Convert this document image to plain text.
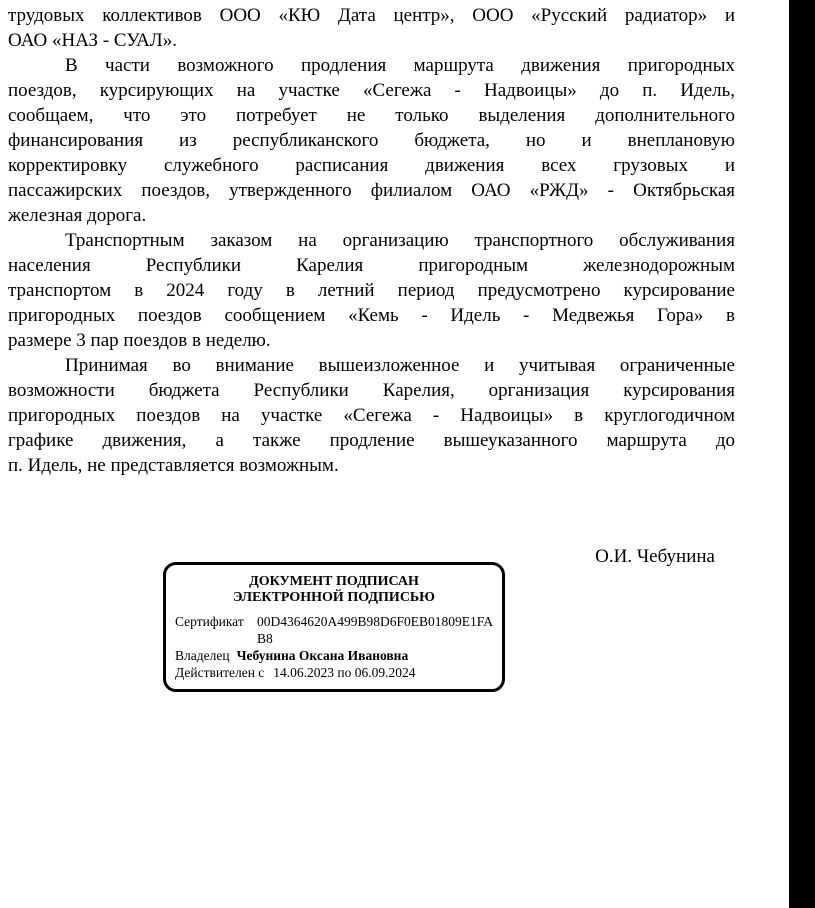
трудовых коллективов ООО «КЮ Дата центр», ООО «Русский радиатор» и
ОАО «НАЗ - СУАЛ».
В части возможного продления маршрута движения пригородных
поездов, курсирующих на участке «Сегежа - Надвоицы» до п. Идель,
сообщаем, что это потребует не только выделения дополнительного
финансирования из республиканского бюджета, но и внеплановую
корректировку служебного расписания движения всех грузовых и
пассажирских поездов, утвержденного филиалом ОАО «РЖД» - Октябрьская
железная дорога.
Транспортным заказом на организацию транспортного обслуживания
населения Республики Карелия пригородным железнодорожным
транспортом в 2024 году в летний период предусмотрено курсирование
пригородных поездов сообщением «Кемь - Идель - Медвежья Гора» в
размере 3 пар поездов в неделю.
Принимая во внимание вышеизложенное и учитывая ограниченные
возможности бюджета Республики Карелия, организация курсирования
пригородных поездов на участке «Сегежа - Надвоицы» в круглогодичном
графике движения, а также продление вышеуказанного маршрута до
п. Идель, не представляется возможным.
О.И. Чебунина
ДОКУМЕНТ ПОДПИСАН
ЭЛЕКТРОННОЙ ПОДПИСЬЮ
Сертификат 00D4364620A499B98D6F0EB01809E1FA
B8
Владелец Чебунина Оксана Ивановна
Действителен с 14.06.2023 по 06.09.2024
